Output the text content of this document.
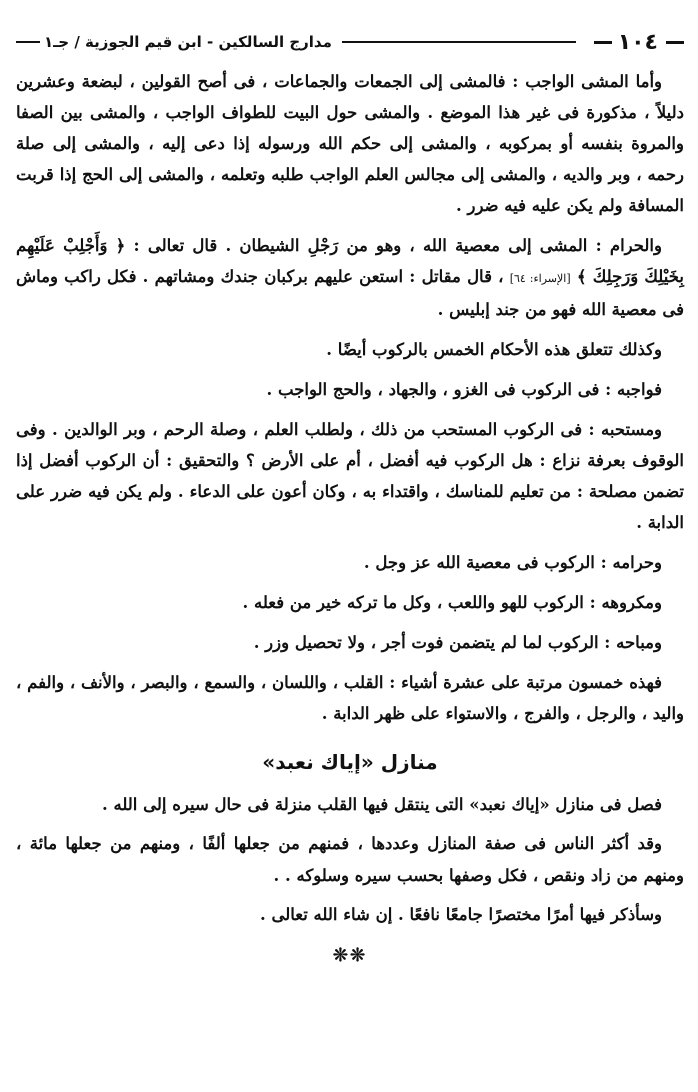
١٠٤
مدارج السالكين - ابن قيم الجوزية / جـ١

وأما المشى الواجب : فالمشى إلى الجمعات والجماعات ، فى أصح القولين ، لبضعة وعشرين دليلاً ، مذكورة فى غير هذا الموضع . والمشى حول البيت للطواف الواجب ، والمشى بين الصفا والمروة بنفسه أو بمركوبه ، والمشى إلى حكم الله ورسوله إذا دعى إليه ، والمشى إلى صلة رحمه ، وبر والديه ، والمشى إلى مجالس العلم الواجب طلبه وتعلمه ، والمشى إلى الحج إذا قربت المسافة ولم يكن عليه فيه ضرر .

والحرام : المشى إلى معصية الله ، وهو من رَجْلِ الشيطان . قال تعالى : ﴿ وَأَجْلِبْ عَلَيْهِم بِخَيْلِكَ وَرَجِلِكَ ﴾ [الإسراء: ٦٤] ، قال مقاتل : استعن عليهم بركبان جندك ومشاتهم . فكل راكب وماش فى معصية الله فهو من جند إبليس .

وكذلك تتعلق هذه الأحكام الخمس بالركوب أيضًا .

فواجبه : فى الركوب فى الغزو ، والجهاد ، والحج الواجب .

ومستحبه : فى الركوب المستحب من ذلك ، ولطلب العلم ، وصلة الرحم ، وبر الوالدين . وفى الوقوف بعرفة نزاع : هل الركوب فيه أفضل ، أم على الأرض ؟ والتحقيق : أن الركوب أفضل إذا تضمن مصلحة : من تعليم للمناسك ، واقتداء به ، وكان أعون على الدعاء . ولم يكن فيه ضرر على الدابة .

وحرامه : الركوب فى معصية الله عز وجل .

ومكروهه : الركوب للهو واللعب ، وكل ما تركه خير من فعله .

ومباحه : الركوب لما لم يتضمن فوت أجر ، ولا تحصيل وزر .

فهذه خمسون مرتبة على عشرة أشياء : القلب ، واللسان ، والسمع ، والبصر ، والأنف ، والفم ، واليد ، والرجل ، والفرج ، والاستواء على ظهر الدابة .

منازل «إياك نعبد»

فصل فى منازل «إياك نعبد» التى ينتقل فيها القلب منزلة فى حال سيره إلى الله .

وقد أكثر الناس فى صفة المنازل وعددها ، فمنهم من جعلها ألفًا ، ومنهم من جعلها مائة ، ومنهم من زاد ونقص ، فكل وصفها بحسب سيره وسلوكه . .

وسأذكر فيها أمرًا مختصرًا جامعًا نافعًا . إن شاء الله تعالى .

❊❊
